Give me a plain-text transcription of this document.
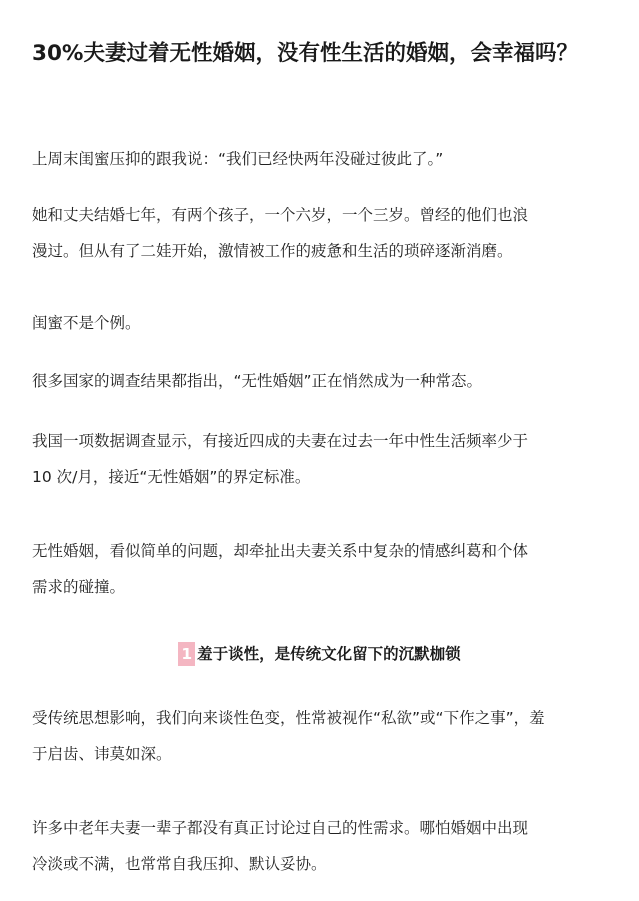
30%夫妻过着无性婚姻，没有性生活的婚姻，会幸福吗？

上周末闺蜜压抑的跟我说：“我们已经快两年没碰过彼此了。”

她和丈夫结婚七年，有两个孩子，一个六岁，一个三岁。曾经的他们也浪
漫过。但从有了二娃开始，激情被工作的疲惫和生活的琐碎逐渐消磨。

闺蜜不是个例。

很多国家的调查结果都指出，“无性婚姻”正在悄然成为一种常态。

我国一项数据调查显示，有接近四成的夫妻在过去一年中性生活频率少于
10 次/月，接近“无性婚姻”的界定标准。

无性婚姻，看似简单的问题，却牵扯出夫妻关系中复杂的情感纠葛和个体
需求的碰撞。

1 羞于谈性，是传统文化留下的沉默枷锁

受传统思想影响，我们向来谈性色变，性常被视作“私欲”或“下作之事”，羞
于启齿、讳莫如深。

许多中老年夫妻一辈子都没有真正讨论过自己的性需求。哪怕婚姻中出现
冷淡或不满，也常常自我压抑、默认妥协。
